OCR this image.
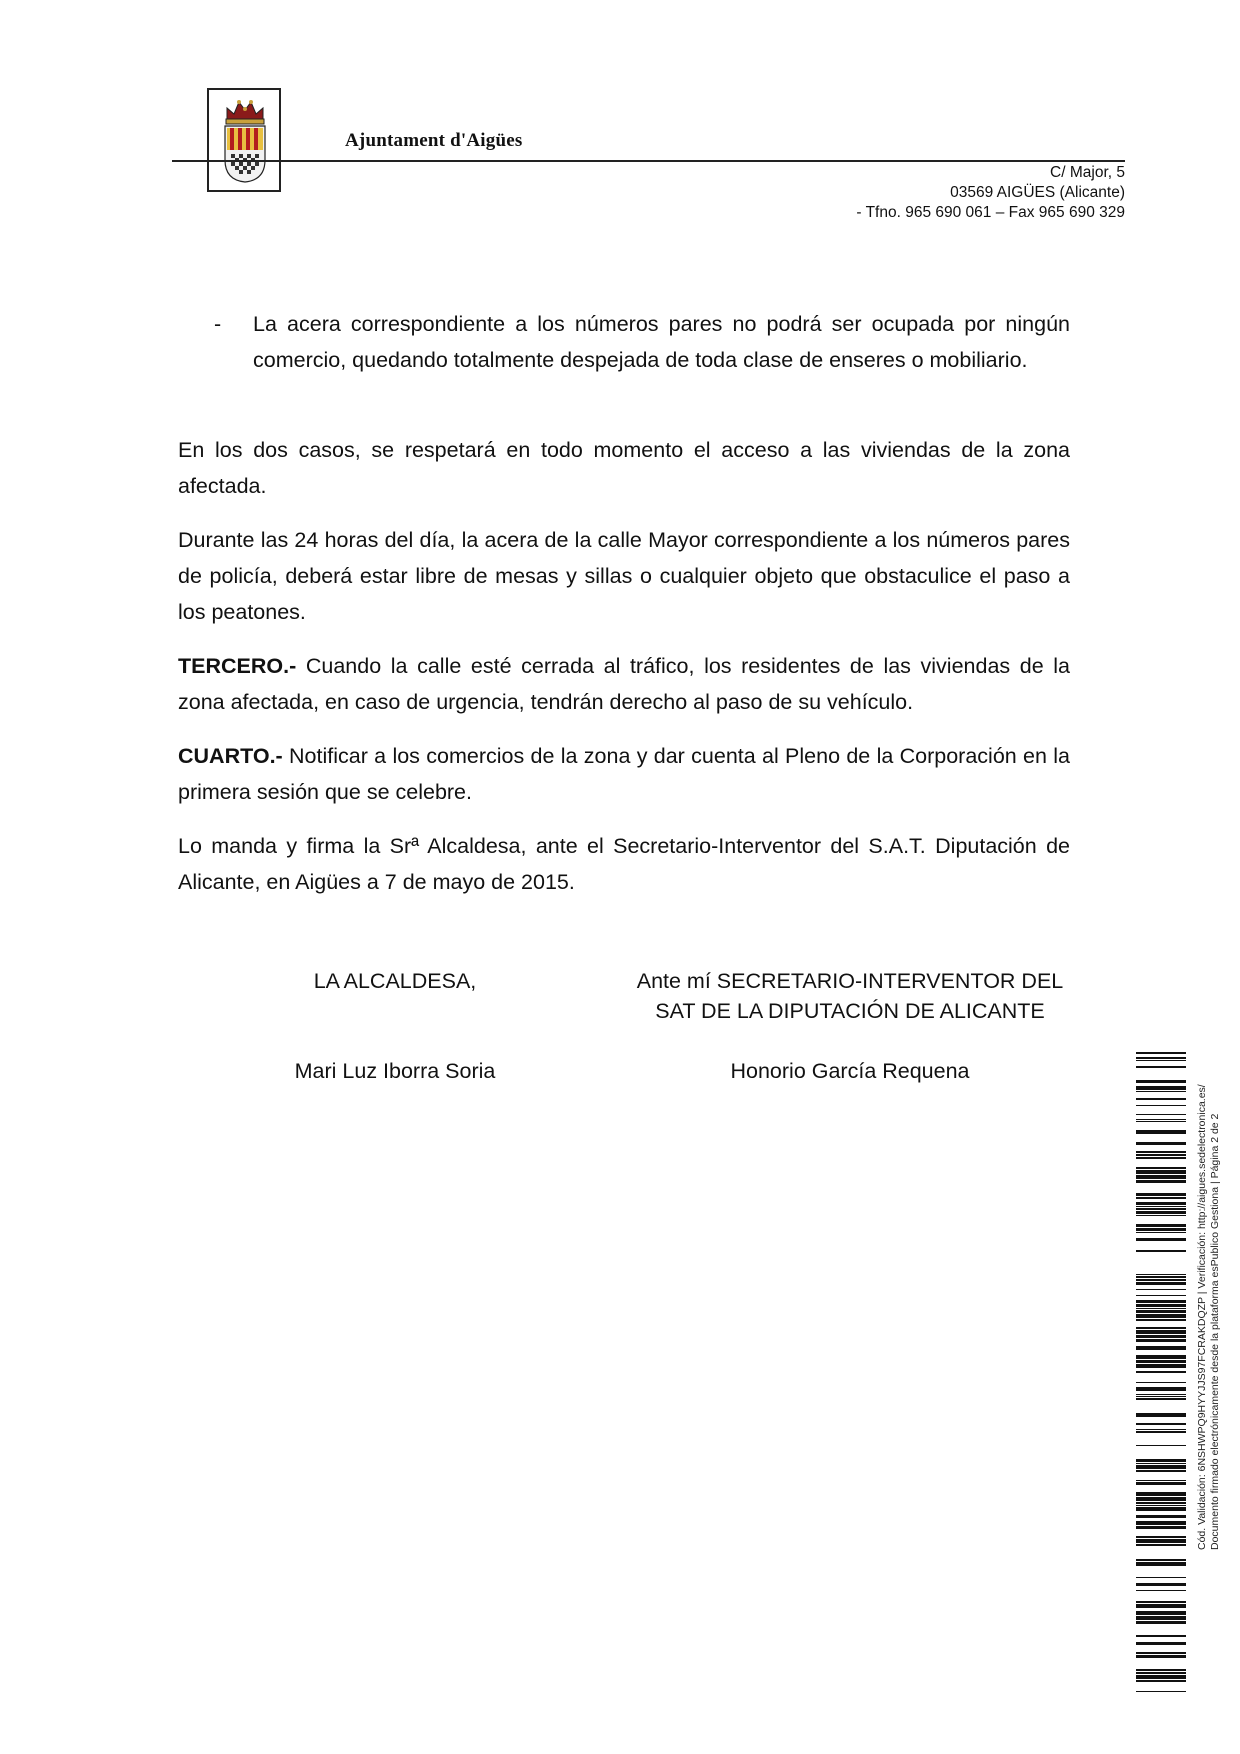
Ajuntament d'Aigües
C/ Major, 5
03569 AIGÜES (Alicante)
- Tfno. 965 690 061 – Fax 965 690 329
- La acera correspondiente a los números pares no podrá ser ocupada por ningún comercio, quedando totalmente despejada de toda clase de enseres o mobiliario.
En los dos casos, se respetará en todo momento el acceso a las viviendas de la zona afectada.
Durante las 24 horas del día, la acera de la calle Mayor correspondiente a los números pares de policía, deberá estar libre de mesas y sillas o cualquier objeto que obstaculice el paso a los peatones.
TERCERO.- Cuando la calle esté cerrada al tráfico, los residentes de las viviendas de la zona afectada, en caso de urgencia, tendrán derecho al paso de su vehículo.
CUARTO.- Notificar a los comercios de la zona y dar cuenta al Pleno de la Corporación en la primera sesión que se celebre.
Lo manda y firma la Srª Alcaldesa, ante el Secretario-Interventor del S.A.T. Diputación de Alicante, en Aigües a 7 de mayo de 2015.
LA ALCALDESA,	Ante mí SECRETARIO-INTERVENTOR DEL
SAT DE LA DIPUTACIÓN DE ALICANTE
Mari Luz Iborra Soria	Honorio García Requena
Cód. Validación: 6NSHWPQ9HYYJJS97FCRAKDQZP | Verificación: http://aigues.sedelectronica.es/ Documento firmado electrónicamente desde la plataforma esPublico Gestiona | Página 2 de 2
